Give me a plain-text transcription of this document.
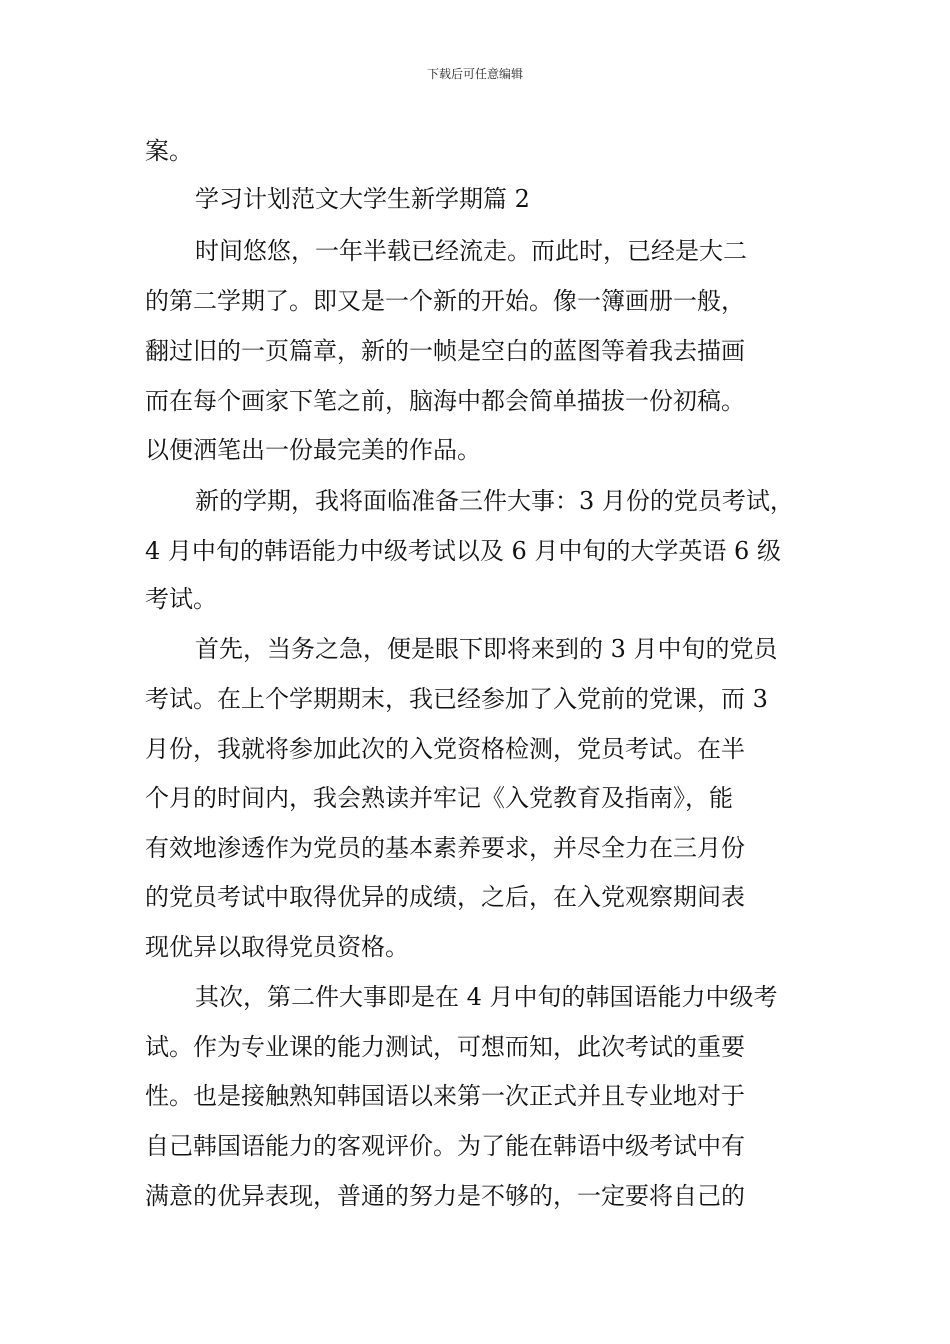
下载后可任意编辑
案。
学习计划范文大学生新学期篇 2
时间悠悠，一年半载已经流走。而此时，已经是大二
的第二学期了。即又是一个新的开始。像一簿画册一般，
翻过旧的一页篇章，新的一帧是空白的蓝图等着我去描画
而在每个画家下笔之前，脑海中都会简单描拔一份初稿。
以便洒笔出一份最完美的作品。
新的学期，我将面临准备三件大事：3 月份的党员考试，
4 月中旬的韩语能力中级考试以及 6 月中旬的大学英语 6 级
考试。
首先，当务之急，便是眼下即将来到的 3 月中旬的党员
考试。在上个学期期末，我已经参加了入党前的党课，而 3
月份，我就将参加此次的入党资格检测，党员考试。在半
个月的时间内，我会熟读并牢记《入党教育及指南》，能
有效地渗透作为党员的基本素养要求，并尽全力在三月份
的党员考试中取得优异的成绩，之后，在入党观察期间表
现优异以取得党员资格。
其次，第二件大事即是在 4 月中旬的韩国语能力中级考
试。作为专业课的能力测试，可想而知，此次考试的重要
性。也是接触熟知韩国语以来第一次正式并且专业地对于
自己韩国语能力的客观评价。为了能在韩语中级考试中有
满意的优异表现，普通的努力是不够的，一定要将自己的
